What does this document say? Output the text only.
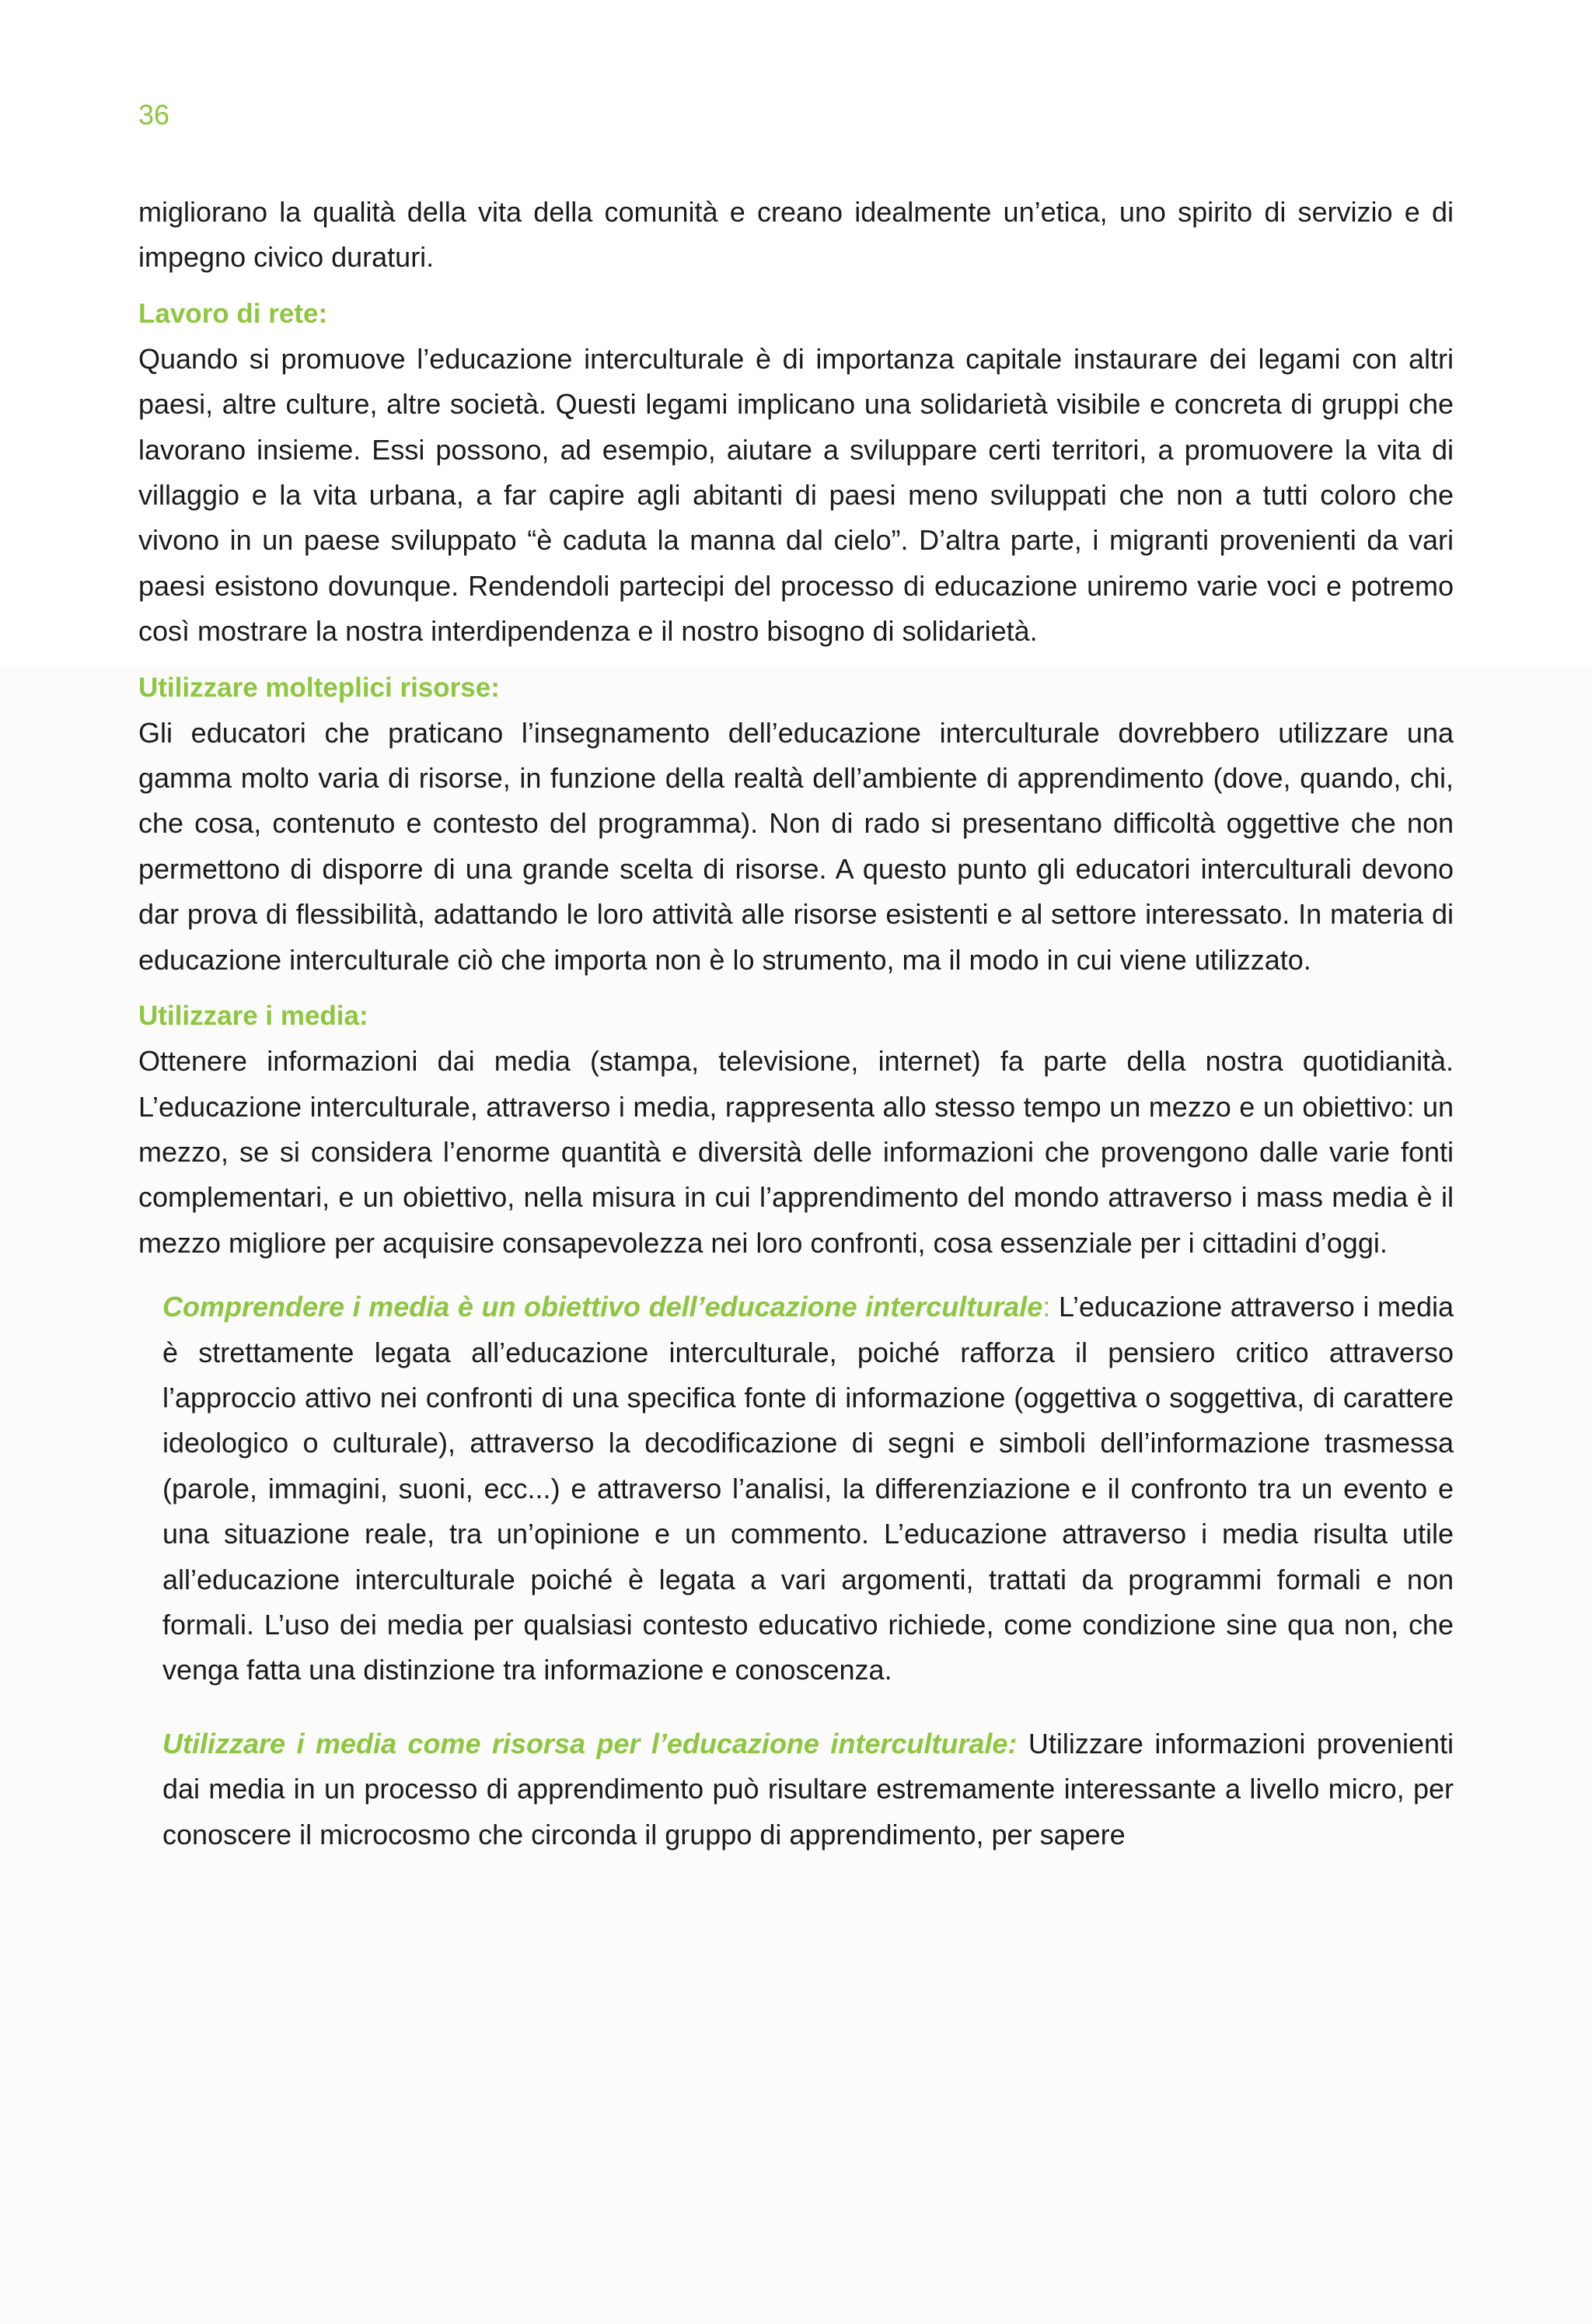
36

migliorano la qualità della vita della comunità e creano idealmente un’etica, uno spirito di servizio e di impegno civico duraturi.

Lavoro di rete:

Quando si promuove l’educazione interculturale è di importanza capitale instaurare dei legami con altri paesi, altre culture, altre società. Questi legami implicano una solidarietà visibile e concreta di gruppi che lavorano insieme. Essi possono, ad esempio, aiutare a sviluppare certi territori, a promuovere la vita di villaggio e la vita urbana, a far capire agli abitanti di paesi meno sviluppati che non a tutti coloro che vivono in un paese sviluppato “è caduta la manna dal cielo”. D’altra parte, i migranti provenienti da vari paesi esistono dovunque. Rendendoli partecipi del processo di educazione uniremo varie voci e potremo così mostrare la nostra interdipendenza e il nostro bisogno di solidarietà.

Utilizzare molteplici risorse:

Gli educatori che praticano l’insegnamento dell’educazione interculturale dovrebbero utilizzare una gamma molto varia di risorse, in funzione della realtà dell’ambiente di apprendimento (dove, quando, chi, che cosa, contenuto e contesto del programma). Non di rado si presentano difficoltà oggettive che non permettono di disporre di una grande scelta di risorse. A questo punto gli educatori interculturali devono dar prova di flessibilità, adattando le loro attività alle risorse esistenti e al settore interessato. In materia di educazione interculturale ciò che importa non è lo strumento, ma il modo in cui viene utilizzato.

Utilizzare i media:

Ottenere informazioni dai media (stampa, televisione, internet) fa parte della nostra quotidianità. L’educazione interculturale, attraverso i media, rappresenta allo stesso tempo un mezzo e un obiettivo: un mezzo, se si considera l’enorme quantità e diversità delle informazioni che provengono dalle varie fonti complementari, e un obiettivo, nella misura in cui l’apprendimento del mondo attraverso i mass media è il mezzo migliore per acquisire consapevolezza nei loro confronti, cosa essenziale per i cittadini d’oggi.

Comprendere i media è un obiettivo dell’educazione interculturale: L’educazione attraverso i media è strettamente legata all’educazione interculturale, poiché rafforza il pensiero critico attraverso l’approccio attivo nei confronti di una specifica fonte di informazione (oggettiva o soggettiva, di carattere ideologico o culturale), attraverso la decodificazione di segni e simboli dell’informazione trasmessa (parole, immagini, suoni, ecc...) e attraverso l’analisi, la differenziazione e il confronto tra un evento e una situazione reale, tra un’opinione e un commento. L’educazione attraverso i media risulta utile all’educazione interculturale poiché è legata a vari argomenti, trattati da programmi formali e non formali. L’uso dei media per qualsiasi contesto educativo richiede, come condizione sine qua non, che venga fatta una distinzione tra informazione e conoscenza.

Utilizzare i media come risorsa per l’educazione interculturale: Utilizzare informazioni provenienti dai media in un processo di apprendimento può risultare estremamente interessante a livello micro, per conoscere il microcosmo che circonda il gruppo di apprendimento, per sapere
